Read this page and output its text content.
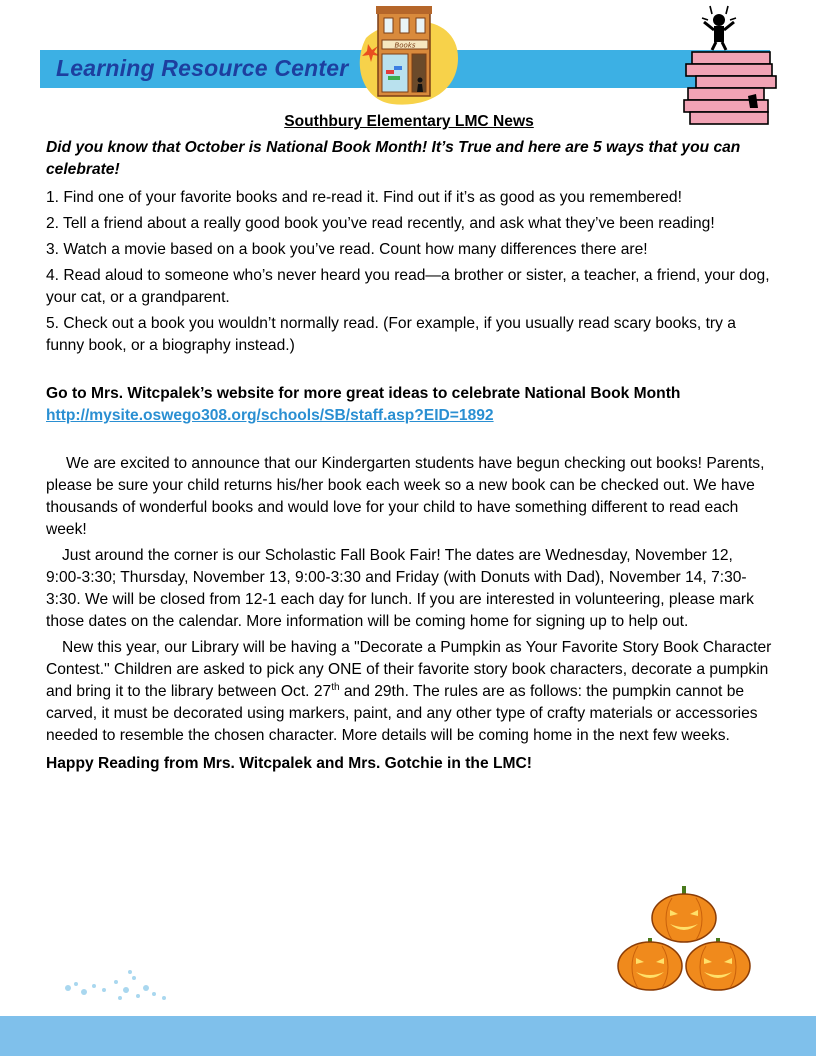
Learning Resource Center
Books

Southbury Elementary LMC News

Did you know that October is National Book Month! It’s True and here are 5 ways that you can celebrate!

1. Find one of your favorite books and re-read it. Find out if it’s as good as you remembered!

2. Tell a friend about a really good book you’ve read recently, and ask what they’ve been reading!

3. Watch a movie based on a book you’ve read. Count how many differences there are!

4. Read aloud to someone who’s never heard you read—a brother or sister, a teacher, a friend, your dog, your cat, or a grandparent.

5. Check out a book you wouldn’t normally read. (For example, if you usually read scary books, try a funny book, or a biography instead.)

Go to Mrs. Witcpalek’s website for more great ideas to celebrate National Book Month http://mysite.oswego308.org/schools/SB/staff.asp?EID=1892

We are excited to announce that our Kindergarten students have begun checking out books! Parents, please be sure your child returns his/her book each week so a new book can be checked out. We have thousands of wonderful books and would love for your child to have something different to read each week!

Just around the corner is our Scholastic Fall Book Fair! The dates are Wednesday, November 12, 9:00-3:30; Thursday, November 13, 9:00-3:30 and Friday (with Donuts with Dad), November 14, 7:30-3:30. We will be closed from 12-1 each day for lunch. If you are interested in volunteering, please mark those dates on the calendar. More information will be coming home for signing up to help out.

New this year, our Library will be having a "Decorate a Pumpkin as Your Favorite Story Book Character Contest." Children are asked to pick any ONE of their favorite story book characters, decorate a pumpkin and bring it to the library between Oct. 27th and 29th. The rules are as follows: the pumpkin cannot be carved, it must be decorated using markers, paint, and any other type of crafty materials or accessories needed to resemble the chosen character. More details will be coming home in the next few weeks.

Happy Reading from Mrs. Witcpalek and Mrs. Gotchie in the LMC!
